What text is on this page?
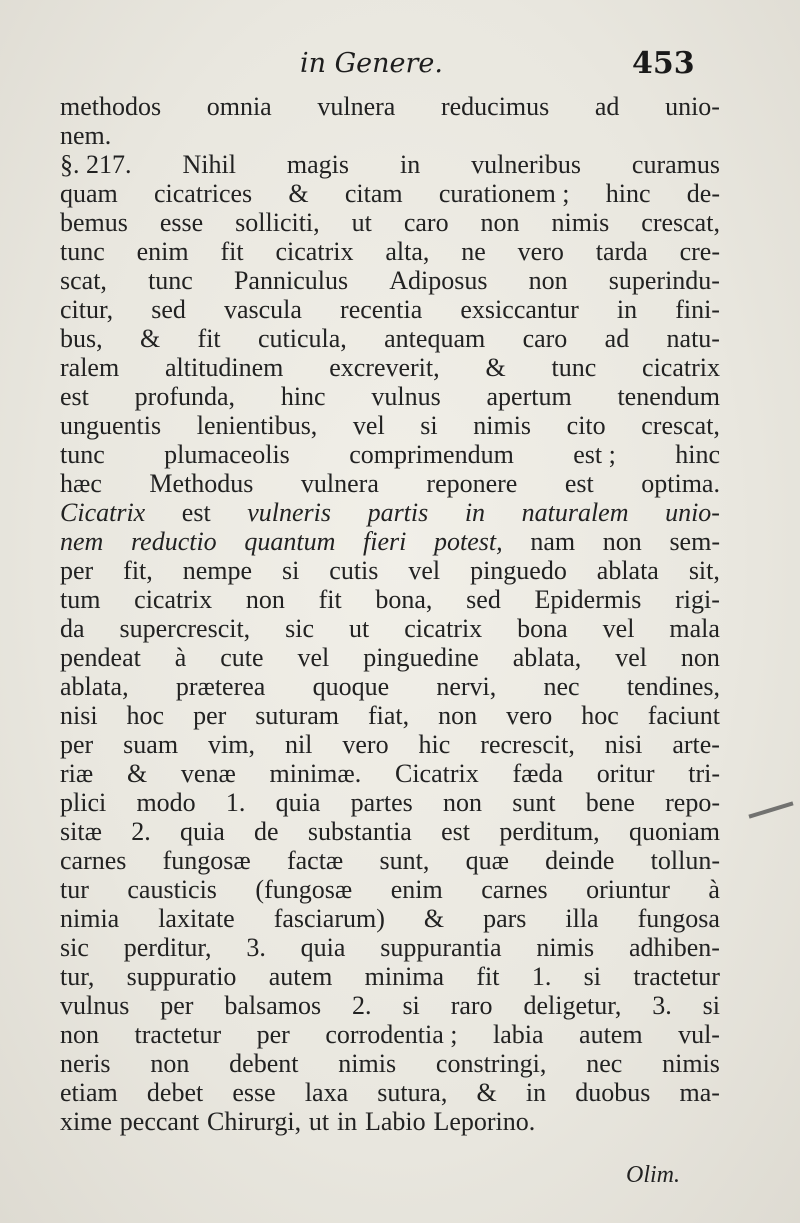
in Genere.	453
methodos omnia vulnera reducimus ad unio-
nem.
§. 217. Nihil magis in vulneribus curamus
quam cicatrices & citam curationem ; hinc de-
bemus esse solliciti, ut caro non nimis crescat,
tunc enim fit cicatrix alta, ne vero tarda cre-
scat, tunc Panniculus Adiposus non superindu-
citur, sed vascula recentia exsiccantur in fini-
bus, & fit cuticula, antequam caro ad natu-
ralem altitudinem excreverit, & tunc cicatrix
est profunda, hinc vulnus apertum tenendum
unguentis lenientibus, vel si nimis cito crescat,
tunc plumaceolis comprimendum est ; hinc
hæc Methodus vulnera reponere est optima.
Cicatrix est vulneris partis in naturalem unio-
nem reductio quantum fieri potest, nam non sem-
per fit, nempe si cutis vel pinguedo ablata sit,
tum cicatrix non fit bona, sed Epidermis rigi-
da supercrescit, sic ut cicatrix bona vel mala
pendeat à cute vel pinguedine ablata, vel non
ablata, præterea quoque nervi, nec tendines,
nisi hoc per suturam fiat, non vero hoc faciunt
per suam vim, nil vero hic recrescit, nisi arte-
riæ & venæ minimæ. Cicatrix fæda oritur tri-
plici modo 1. quia partes non sunt bene repo-
sitæ 2. quia de substantia est perditum, quoniam
carnes fungosæ factæ sunt, quæ deinde tollun-
tur causticis (fungosæ enim carnes oriuntur à
nimia laxitate fasciarum) & pars illa fungosa
sic perditur, 3. quia suppurantia nimis adhiben-
tur, suppuratio autem minima fit 1. si tractetur
vulnus per balsamos 2. si raro deligetur, 3. si
non tractetur per corrodentia ; labia autem vul-
neris non debent nimis constringi, nec nimis
etiam debet esse laxa sutura, & in duobus ma-
xime peccant Chirurgi, ut in Labio Leporino.
Olim.
